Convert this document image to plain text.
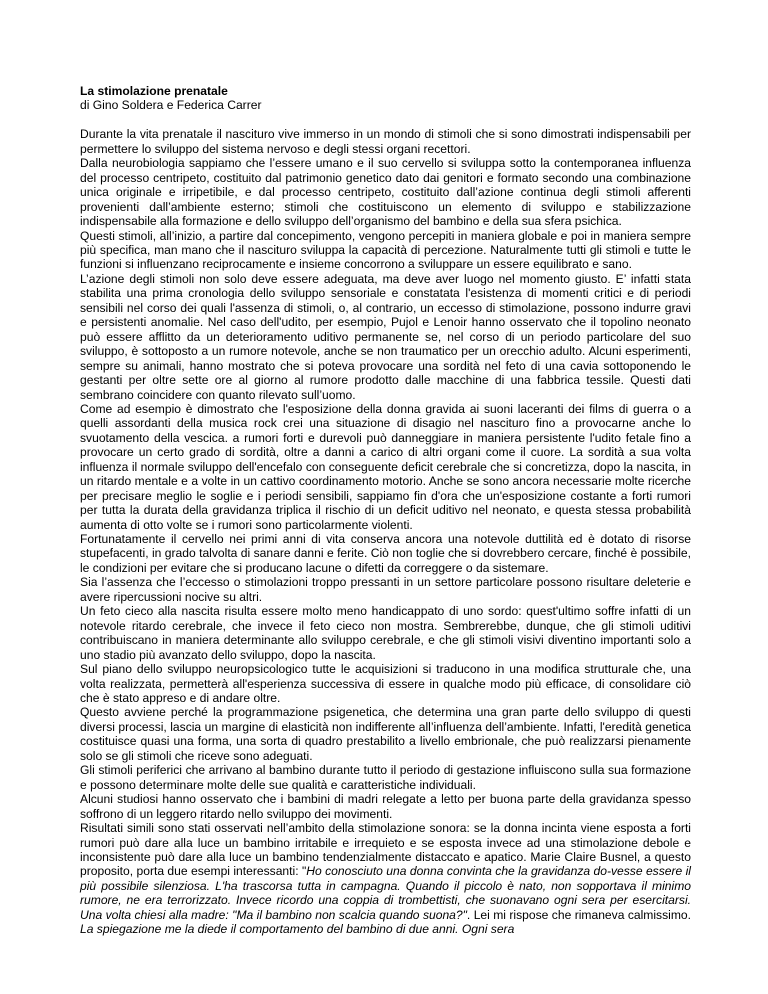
La stimolazione prenatale

di Gino Soldera e Federica Carrer

Durante la vita prenatale il nascituro vive immerso in un mondo di stimoli che si sono dimostrati indispensabili per permettere lo sviluppo del sistema nervoso e degli stessi organi recettori.

Dalla neurobiologia sappiamo che l’essere umano e il suo cervello si sviluppa sotto la contemporanea influenza del processo centripeto, costituito dal patrimonio genetico dato dai genitori e formato secondo una combinazione unica originale e irripetibile, e dal processo centripeto, costituito dall’azione continua degli stimoli afferenti provenienti dall’ambiente esterno; stimoli che costituiscono un elemento di sviluppo e stabilizzazione indispensabile alla formazione e dello sviluppo dell’organismo del bambino e della sua sfera psichica.

Questi stimoli, all’inizio, a partire dal concepimento, vengono percepiti in maniera globale e poi in maniera sempre più specifica, man mano che il nascituro sviluppa la capacità di percezione. Naturalmente tutti gli stimoli e tutte le funzioni si influenzano reciprocamente e insieme concorrono a sviluppare un essere equilibrato e sano.

L’azione degli stimoli non solo deve essere adeguata, ma deve aver luogo nel momento giusto. E’ infatti stata stabilita una prima cronologia dello sviluppo sensoriale e constatata l'esistenza di momenti critici e di periodi sensibili nel corso dei quali l'assenza di stimoli, o, al contrario, un eccesso di stimolazione, possono indurre gravi e persistenti anomalie. Nel caso dell'udito, per esempio, Pujol e Lenoir hanno osservato che il topolino neonato può essere afflitto da un deterioramento uditivo permanente se, nel corso di un periodo particolare del suo sviluppo, è sottoposto a un rumore notevole, anche se non traumatico per un orecchio adulto. Alcuni esperimenti, sempre su animali, hanno mostrato che si poteva provocare una sordità nel feto di una cavia sottoponendo le gestanti per oltre sette ore al giorno al rumore prodotto dalle macchine di una fabbrica tessile. Questi dati sembrano coincidere con quanto rilevato sull’uomo.

Come ad esempio è dimostrato che l'esposizione della donna gravida ai suoni laceranti dei films di guerra o a quelli assordanti della musica rock crei una situazione di disagio nel nascituro fino a provocarne anche lo svuotamento della vescica. a rumori forti e durevoli può danneggiare in maniera persistente l'udito fetale fino a provocare un certo grado di sordità, oltre a danni a carico di altri organi come il cuore. La sordità a sua volta influenza il normale sviluppo dell'encefalo con conseguente deficit cerebrale che si concretizza, dopo la nascita, in un ritardo mentale e a volte in un cattivo coordinamento motorio. Anche se sono ancora necessarie molte ricerche per precisare meglio le soglie e i periodi sensibili, sappiamo fin d'ora che un'esposizione costante a forti rumori per tutta la durata della gravidanza triplica il rischio di un deficit uditivo nel neonato, e questa stessa probabilità aumenta di otto volte se i rumori sono particolarmente violenti.

Fortunatamente il cervello nei primi anni di vita conserva ancora una notevole duttilità ed è dotato di risorse stupefacenti, in grado talvolta di sanare danni e ferite. Ciò non toglie che si dovrebbero cercare, finché è possibile, le condizioni per evitare che si producano lacune o difetti da correggere o da sistemare.

Sia l’assenza che l’eccesso o stimolazioni troppo pressanti in un settore particolare possono risultare deleterie e avere ripercussioni nocive su altri.

Un feto cieco alla nascita risulta essere molto meno handicappato di uno sordo: quest'ultimo soffre infatti di un notevole ritardo cerebrale, che invece il feto cieco non mostra. Sembrerebbe, dunque, che gli stimoli uditivi contribuiscano in maniera determinante allo sviluppo cerebrale, e che gli stimoli visivi diventino importanti solo a uno stadio più avanzato dello sviluppo, dopo la nascita.

Sul piano dello sviluppo neuropsicologico tutte le acquisizioni si traducono in una modifica strutturale che, una volta realizzata, permetterà all'esperienza successiva di essere in qualche modo più efficace, di consolidare ciò che è stato appreso e di andare oltre.

Questo avviene perché la programmazione psigenetica, che determina una gran parte dello sviluppo di questi diversi processi, lascia un margine di elasticità non indifferente all’influenza dell’ambiente. Infatti, l'eredità genetica costituisce quasi una forma, una sorta di quadro prestabilito a livello embrionale, che può realizzarsi pienamente solo se gli stimoli che riceve sono adeguati.

Gli stimoli periferici che arrivano al bambino durante tutto il periodo di gestazione influiscono sulla sua formazione e possono determinare molte delle sue qualità e caratteristiche individuali.

Alcuni studiosi hanno osservato che i bambini di madri relegate a letto per buona parte della gravidanza spesso soffrono di un leggero ritardo nello sviluppo dei movimenti.

Risultati simili sono stati osservati nell’ambito della stimolazione sonora: se la donna incinta viene esposta a forti rumori può dare alla luce un bambino irritabile e irrequieto e se esposta invece ad una stimolazione debole e inconsistente può dare alla luce un bambino tendenzialmente distaccato e apatico. Marie Claire Busnel, a questo proposito, porta due esempi interessanti: "Ho conosciuto una donna convinta che la gravidanza do-vesse essere il più possibile silenziosa. L'ha trascorsa tutta in campagna. Quando il piccolo è nato, non sopportava il minimo rumore, ne era terrorizzato. Invece ricordo una coppia di trombettisti, che suonavano ogni sera per esercitarsi. Una volta chiesi alla madre: "Ma il bambino non scalcia quando suona?". Lei mi rispose che rimaneva calmissimo. La spiegazione me la diede il comportamento del bambino di due anni. Ogni sera
